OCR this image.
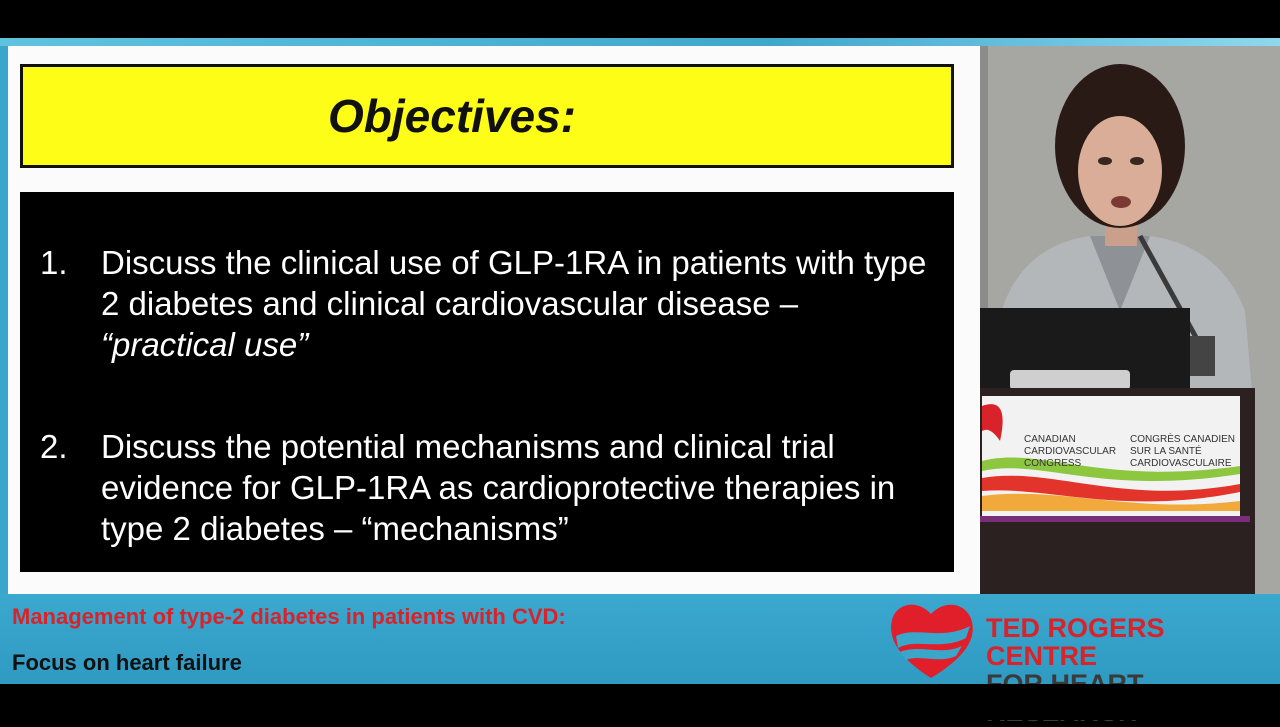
Objectives:
1. Discuss the clinical use of GLP-1RA in patients with type 2 diabetes and clinical cardiovascular disease – “practical use”
2. Discuss the potential mechanisms and clinical trial evidence for GLP-1RA as cardioprotective therapies in type 2 diabetes – “mechanisms”
CANADIAN
CARDIOVASCULAR
CONGRESS
CONGRÈS CANADIEN
SUR LA SANTÉ
CARDIOVASCULAIRE
Management of type-2 diabetes in patients with CVD:
Focus on heart failure
TED ROGERS CENTRE
